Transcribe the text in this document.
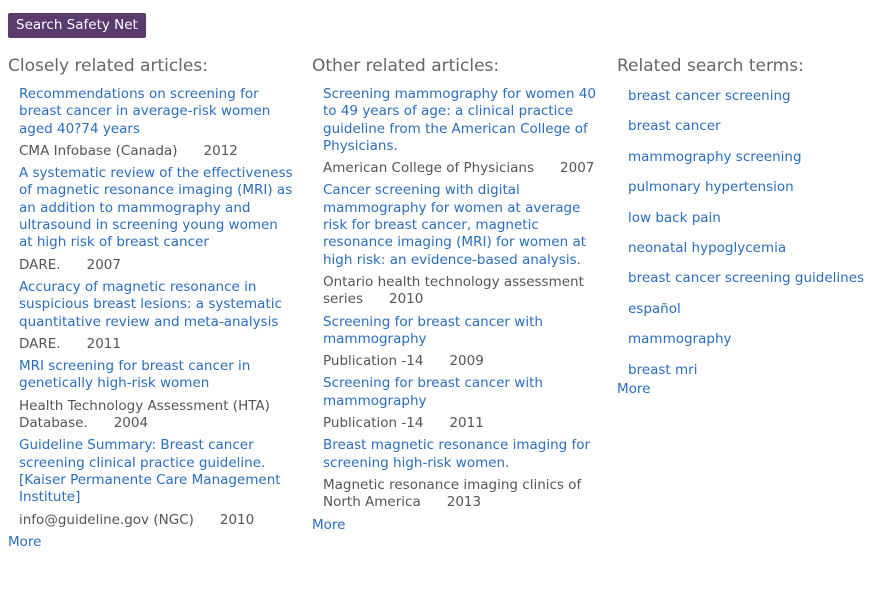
Search Safety Net
Closely related articles:
Recommendations on screening for breast cancer in average-risk women aged 40?74 years
CMA Infobase (Canada) 2012
A systematic review of the effectiveness of magnetic resonance imaging (MRI) as an addition to mammography and ultrasound in screening young women at high risk of breast cancer
DARE. 2007
Accuracy of magnetic resonance in suspicious breast lesions: a systematic quantitative review and meta-analysis
DARE. 2011
MRI screening for breast cancer in genetically high-risk women
Health Technology Assessment (HTA) Database. 2004
Guideline Summary: Breast cancer screening clinical practice guideline. [Kaiser Permanente Care Management Institute]
info@guideline.gov (NGC) 2010
More
Other related articles:
Screening mammography for women 40 to 49 years of age: a clinical practice guideline from the American College of Physicians.
American College of Physicians 2007
Cancer screening with digital mammography for women at average risk for breast cancer, magnetic resonance imaging (MRI) for women at high risk: an evidence-based analysis.
Ontario health technology assessment series 2010
Screening for breast cancer with mammography
Publication -14 2009
Screening for breast cancer with mammography
Publication -14 2011
Breast magnetic resonance imaging for screening high-risk women.
Magnetic resonance imaging clinics of North America 2013
More
Related search terms:
breast cancer screening
breast cancer
mammography screening
pulmonary hypertension
low back pain
neonatal hypoglycemia
breast cancer screening guidelines
español
mammography
breast mri
More
